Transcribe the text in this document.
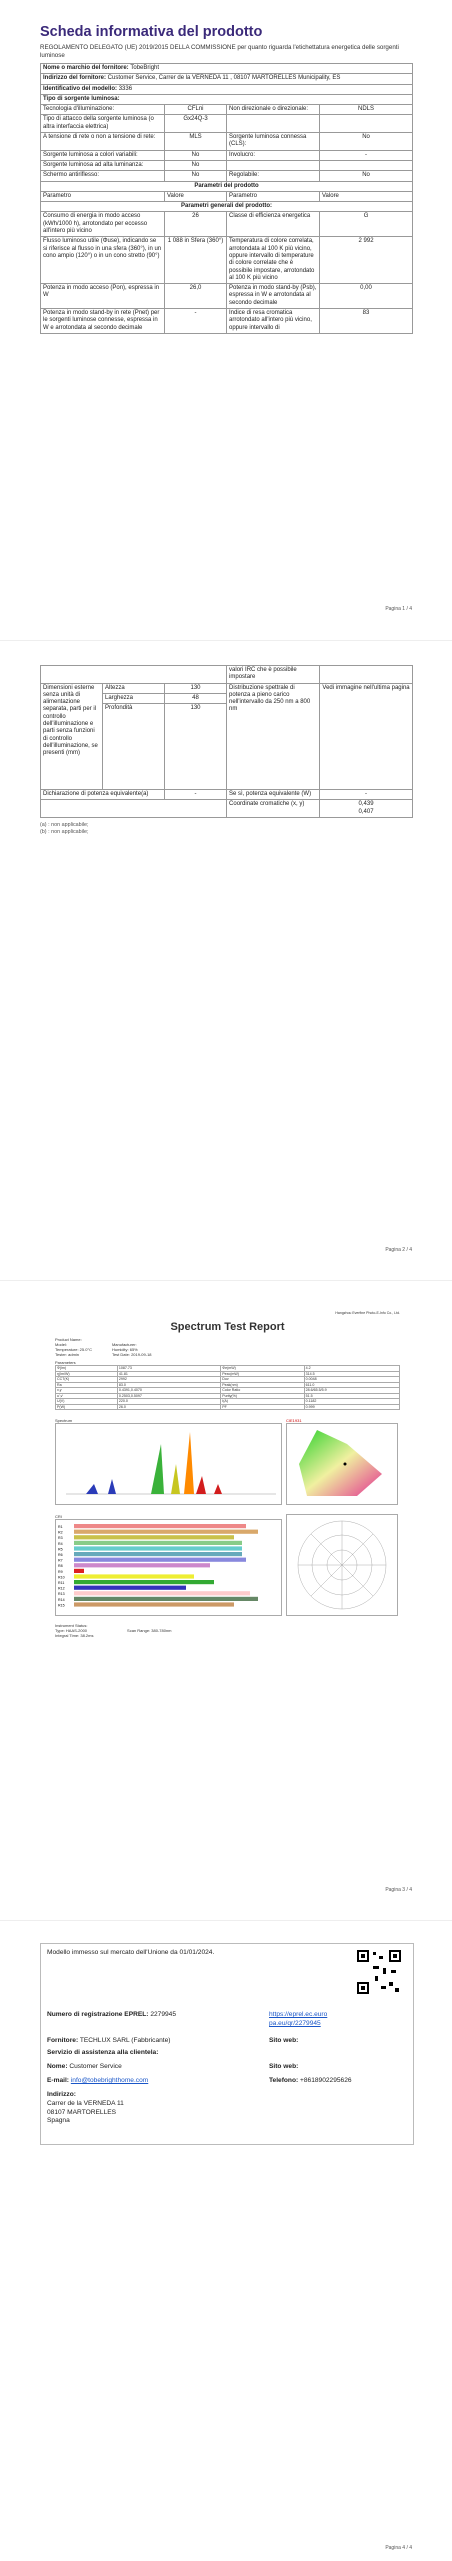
Scheda informativa del prodotto
REGOLAMENTO DELEGATO (UE) 2019/2015 DELLA COMMISSIONE per quanto riguarda l'etichettatura energetica delle sorgenti luminose
Nome o marchio del fornitore: TobeBright			
Indirizzo del fornitore: Customer Service, Carrer de la VERNEDA 11 , 08107 MARTORELLES Municipality, ES			
Identificativo del modello: 3336			
Tipo di sorgente luminosa:			
Tecnologia d'illuminazione:	CFLni	Non direzionale o direzionale:	NDLS
Tipo di attacco della sorgente luminosa (o altra interfaccia elettrica)	Gx24Q-3		
A tensione di rete o non a tensione di rete:	MLS	Sorgente luminosa connessa (CLS):	No
Sorgente luminosa a colori variabili:	No	Involucro:	-
Sorgente luminosa ad alta luminanza:	No		
Schermo antiriflesso:	No	Regolabile:	No
Parametri del prodotto			
Parametro	Valore	Parametro	Valore
Parametri generali del prodotto:			
Consumo di energia in modo acceso (kWh/1000 h), arrotondato per eccesso all'intero più vicino	26	Classe di efficienza energetica	G
Flusso luminoso utile (Φuse), indicando se si riferisce al flusso in una sfera (360°), in un cono ampio (120°) o in un cono stretto (90°)	1 088 in Sfera (360°)	Temperatura di colore correlata, arrotondata al 100 K più vicino, oppure intervallo di temperature di colore correlate che è possibile impostare, arrotondato al 100 K più vicino	2 992
Potenza in modo acceso (Pon), espressa in W	26,0	Potenza in modo stand-by (Psb), espressa in W e arrotondata al secondo decimale	0,00
Potenza in modo stand-by in rete (Pnet) per le sorgenti luminose connesse, espressa in W e arrotondata al secondo decimale	-	Indice di resa cromatica arrotondato all'intero più vicino, oppure intervallo di	83
Pagina 1 / 4
			valori IRC che è possibile impostare	
Dimensioni esterne senza unità di alimentazione separata, parti per il controllo dell'illuminazione e parti senza funzioni di controllo dell'illuminazione, se presenti (mm)	Altezza	130	Distribuzione spettrale di potenza a pieno carico nell'intervallo da 250 nm a 800 nm	Vedi immagine nell'ultima pagina
	Larghezza	48		
	Profondità	130		
Dichiarazione di potenza equivalente(a)		-	Se sì, potenza equivalente (W)	-
			Coordinate cromatiche (x, y)	0,439
0,407
(a) : non applicabile;
(b) : non applicabile;
Pagina 2 / 4
Hangzhou Everfine Photo-E-Info Co., Ltd.
Spectrum Test Report
Product Name:
Model:
Temperature: 25.0°C
Tester: admin

Manufacturer:
Humidity: 65%
Test Date: 2019-09-18
Parameters
Φ(lm)	1087.73	Φe(mW)	4.2
η(lm/W)	41.81	Pexc(mW)	314.5
CCT(K)	2992	Duv	0.0048
Ra	83.0	Peak(nm)	611.0
x,y	0.4391,0.4070	Color Ratio	28.6/65.5/5.9
u',v'	0.2503,0.5097	Purity(%)	51.5
U(V)	220.0	I(A)	0.1182
P(W)	26.0	PF	0.999
Spectrum	CIE1931
CRI
R1
R2
R3
R4
R5
R6
R7
R8
R9
R10
R11
R12
R13
R14
R15
Instrument Status:
Type: HAAS-2000	Scan Range: 380-780nm
Integral Time: 38.2ms
Pagina 3 / 4
Modello immesso sul mercato dell'Unione da 01/01/2024.
Numero di registrazione EPREL: 2279945	https://eprel.ec.europa.eu/qr/2279945
Fornitore: TECHLUX SARL (Fabbricante)	Sito web:
Servizio di assistenza alla clientela:
Nome: Customer Service	Sito web:
E-mail: info@tobebrighthome.com	Telefono: +8618902295626
Indirizzo:
Carrer de la VERNEDA 11
08107 MARTORELLES
Spagna
Pagina 4 / 4
